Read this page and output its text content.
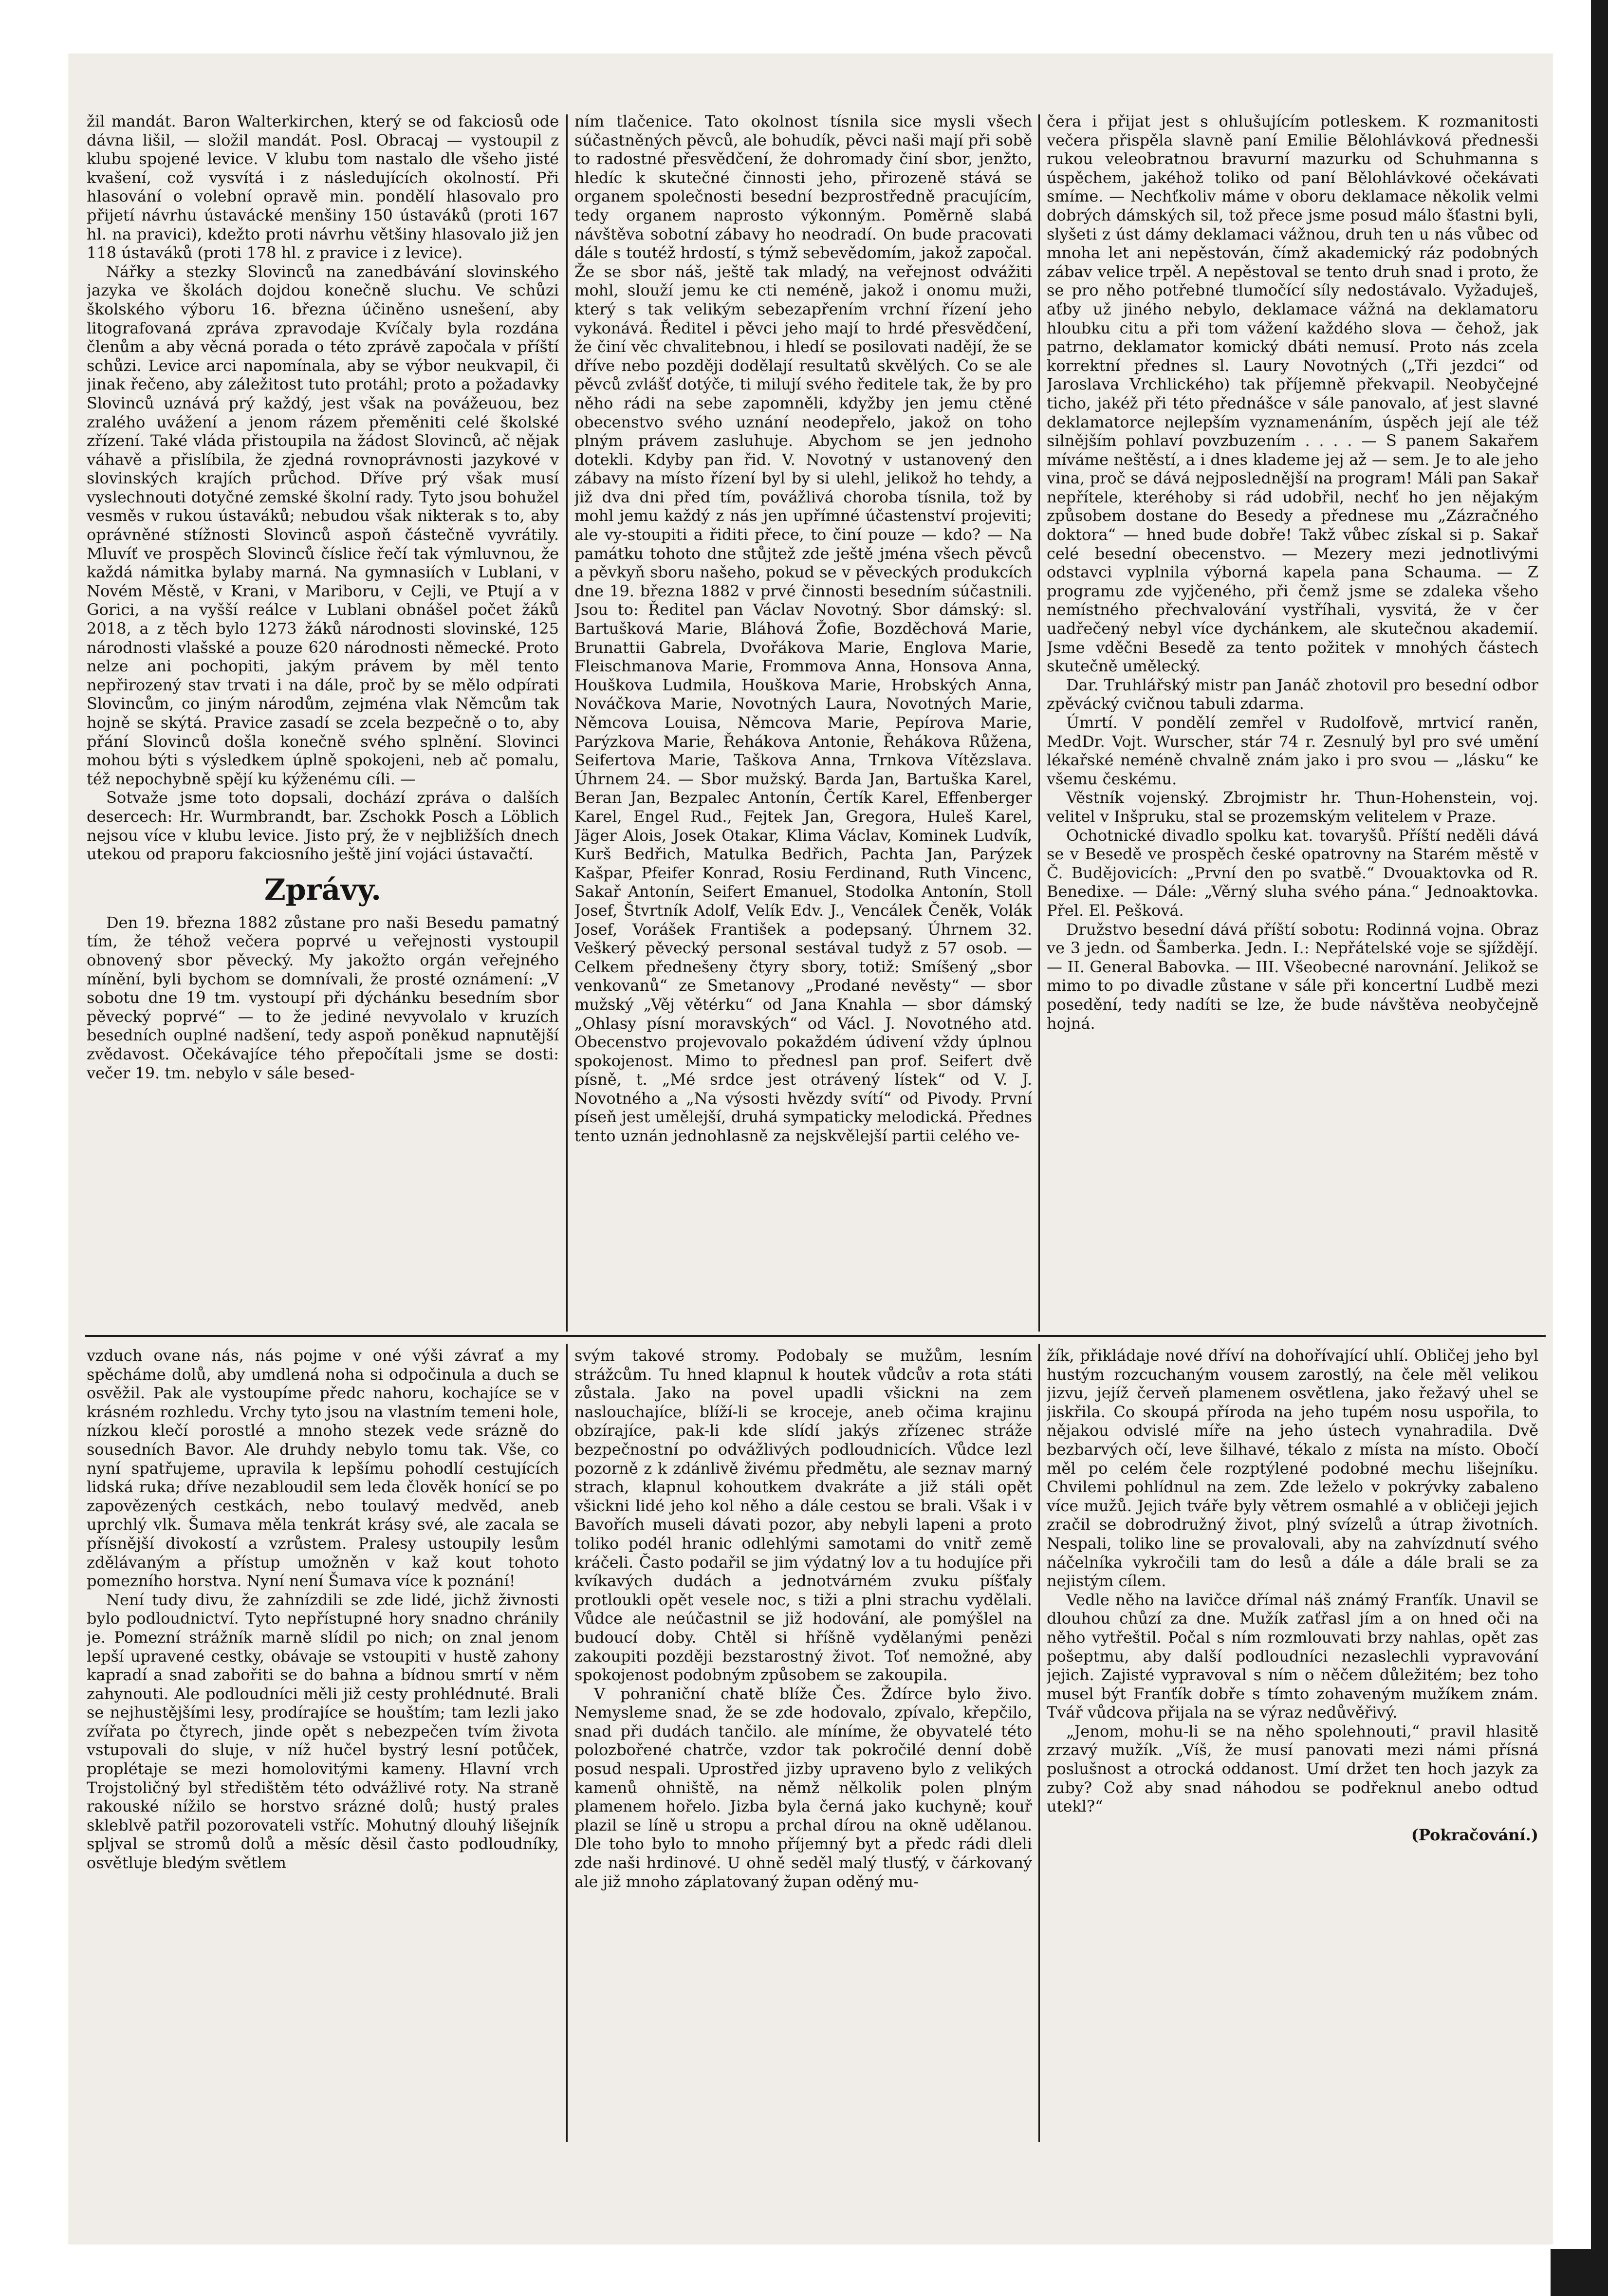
žil mandát. Baron Walterkirchen, který se od fakciosů ode dávna lišil, — složil mandát. Posl. Obracaj — vystoupil z klubu spojené levice. V klubu tom nastalo dle všeho jisté kvašení, což vysvítá i z následujících okolností. Při hlasování o volební opravě min. pondělí hlasovalo pro přijetí návrhu ústavácké menšiny 150 ústaváků (proti 167 hl. na pravici), kdežto proti návrhu většiny hlasovalo již jen 118 ústaváků (proti 178 hl. z pravice i z levice).

Nářky a stezky Slovinců na zanedbávání slovinského jazyka ve školách dojdou konečně sluchu. Ve schůzi školského výboru 16. března účiněno usnešení, aby litografovaná zpráva zpravodaje Kvíčaly byla rozdána členům a aby věcná porada o této zprávě započala v příští schůzi. Levice arci napomínala, aby se výbor neukvapil, či jinak řečeno, aby záležitost tuto protáhl; proto a požadavky Slovinců uznává prý každý, jest však na povážeuou, bez zralého uvážení a jenom rázem přeměniti celé školské zřízení. Také vláda přistoupila na žádost Slovinců, ač nějak váhavě a přislíbila, že zjedná rovnoprávnosti jazykové v slovinských krajích průchod. Dříve prý však musí vyslechnouti dotyčné zemské školní rady. Tyto jsou bohužel vesměs v rukou ústaváků; nebudou však nikterak s to, aby oprávněné stížnosti Slovinců aspoň částečně vyvrátily. Mluvíť ve prospěch Slovinců číslice řečí tak výmluvnou, že každá námitka bylaby marná. Na gymnasiích v Lublani, v Novém Městě, v Krani, v Mariboru, v Cejli, ve Ptují a v Gorici, a na vyšší reálce v Lublani obnášel počet žáků 2018, a z těch bylo 1273 žáků národnosti slovinské, 125 národnosti vlašské a pouze 620 národnosti německé. Proto nelze ani pochopiti, jakým právem by měl tento nepřirozený stav trvati i na dále, proč by se mělo odpírati Slovincům, co jiným národům, zejména vlak Němcům tak hojně se skýtá. Pravice zasadí se zcela bezpečně o to, aby přání Slovinců došla konečně svého splnění. Slovinci mohou býti s výsledkem úplně spokojeni, neb ač pomalu, též nepochybně spějí ku kýženému cíli. —

Sotvaže jsme toto dopsali, dochází zpráva o dalších desercech: Hr. Wurmbrandt, bar. Zschokk Posch a Löblich nejsou více v klubu levice. Jisto prý, že v nejbližších dnech utekou od praporu fakciosního ještě jiní vojáci ústavačtí.

Zprávy.

Den 19. března 1882 zůstane pro naši Besedu pamatný tím, že téhož večera poprvé u veřejnosti vystoupil obnovený sbor pěvecký. My jakožto orgán veřejného mínění, byli bychom se domnívali, že prosté oznámení: „V sobotu dne 19 tm. vystoupí při dýchánku besedním sbor pěvecký poprvé“ — to že jediné nevyvolalo v kruzích besedních ouplné nadšení, tedy aspoň poněkud napnutější zvědavost. Očekávajíce tého přepočítali jsme se dosti: večer 19. tm. nebylo v sále besed-

ním tlačenice. Tato okolnost tísnila sice mysli všech súčastněných pěvců, ale bohudík, pěvci naši mají při sobě to radostné přesvědčení, že dohromady činí sbor, jenžto, hledíc k skutečné činnosti jeho, přirozeně stává se organem společnosti besední bezprostředně pracujícím, tedy organem naprosto výkonným. Poměrně slabá návštěva sobotní zábavy ho neodradí. On bude pracovati dále s toutéž hrdostí, s týmž sebevědomím, jakož započal. Že se sbor náš, ještě tak mladý, na veřejnost odvážiti mohl, slouží jemu ke cti neméně, jakož i onomu muži, který s tak velikým sebezapřením vrchní řízení jeho vykonává. Ředitel i pěvci jeho mají to hrdé přesvědčení, že činí věc chvalitebnou, i hledí se posilovati nadějí, že se dříve nebo později dodělají resultatů skvělých. Co se ale pěvců zvlášť dotýče, ti milují svého ředitele tak, že by pro něho rádi na sebe zapomněli, kdyžby jen jemu ctěné obecenstvo svého uznání neodepřelo, jakož on toho plným právem zasluhuje. Abychom se jen jednoho dotekli. Kdyby pan řid. V. Novotný v ustanovený den zábavy na místo řízení byl by si ulehl, jelikož ho tehdy, a již dva dni před tím, povážlivá choroba tísnila, tož by mohl jemu každý z nás jen upřímné účastenství projeviti; ale vy-stoupiti a řiditi přece, to činí pouze — kdo? — Na památku tohoto dne stůjtež zde ještě jména všech pěvců a pěvkyň sboru našeho, pokud se v pěveckých produkcích dne 19. března 1882 v prvé činnosti besedním súčastnili. Jsou to: Ředitel pan Václav Novotný. Sbor dámský: sl. Bartušková Marie, Bláhová Žofie, Bozděchová Marie, Brunattii Gabrela, Dvořákova Marie, Englova Marie, Fleischmanova Marie, Frommova Anna, Honsova Anna, Houškova Ludmila, Houškova Marie, Hrobských Anna, Nováčkova Marie, Novotných Laura, Novotných Marie, Němcova Louisa, Němcova Marie, Pepírova Marie, Parýzkova Marie, Řehákova Antonie, Řehákova Růžena, Seifertova Marie, Taškova Anna, Trnkova Vítězslava. Úhrnem 24. — Sbor mužský. Barda Jan, Bartuška Karel, Beran Jan, Bezpalec Antonín, Čertík Karel, Effenberger Karel, Engel Rud., Fejtek Jan, Gregora, Huleš Karel, Jäger Alois, Josek Otakar, Klima Václav, Kominek Ludvík, Kurš Bedřich, Matulka Bedřich, Pachta Jan, Parýzek Kašpar, Pfeifer Konrad, Rosiu Ferdinand, Ruth Vincenc, Sakař Antonín, Seifert Emanuel, Stodolka Antonín, Stoll Josef, Štvrtník Adolf, Velík Edv. J., Vencálek Čeněk, Volák Josef, Vorášek František a podepsaný. Úhrnem 32. Veškerý pěvecký personal sestával tudyž z 57 osob. — Celkem přednešeny čtyry sbory, totiž: Smíšený „sbor venkovanů“ ze Smetanovy „Prodané nevěsty“ — sbor mužský „Věj větérku“ od Jana Knahla — sbor dámský „Ohlasy písní moravských“ od Václ. J. Novotného atd. Obecenstvo projevovalo pokaždém údivení vždy úplnou spokojenost. Mimo to přednesl pan prof. Seifert dvě písně, t. „Mé srdce jest otrávený lístek“ od V. J. Novotného a „Na výsosti hvězdy svítí“ od Pivody. První píseň jest umělejší, druhá sympaticky melodická. Přednes tento uznán jednohlasně za nejskvělejší partii celého ve-

čera i přijat jest s ohlušujícím potleskem. K rozmanitosti večera přispěla slavně paní Emilie Bělohlávková přednesši rukou veleobratnou bravurní mazurku od Schuhmanna s úspěchem, jakéhož toliko od paní Bělohlávkové očekávati smíme. — Nechťkoliv máme v oboru deklamace několik velmi dobrých dámských sil, tož přece jsme posud málo šťastni byli, slyšeti z úst dámy deklamaci vážnou, druh ten u nás vůbec od mnoha let ani nepěstován, čímž akademický ráz podobných zábav velice trpěl. A nepěstoval se tento druh snad i proto, že se pro něho potřebné tlumočící síly nedostávalo. Vyžaduješ, aťby už jiného nebylo, deklamace vážná na deklamatoru hloubku citu a při tom vážení každého slova — čehož, jak patrno, deklamator komický dbáti nemusí. Proto nás zcela korrektní přednes sl. Laury Novotných („Tři jezdci“ od Jaroslava Vrchlického) tak příjemně překvapil. Neobyčejné ticho, jakéž při této přednášce v sále panovalo, ať jest slavné deklamatorce nejlepším vyznamenáním, úspěch její ale též silnějším pohlaví povzbuzením . . . . — S panem Sakařem míváme neštěstí, a i dnes klademe jej až — sem. Je to ale jeho vina, proč se dává nejposlednější na program! Máli pan Sakař nepřítele, kteréhoby si rád udobřil, nechť ho jen nějakým způsobem dostane do Besedy a přednese mu „Zázračného doktora“ — hned bude dobře! Takž vůbec získal si p. Sakař celé besední obecenstvo. — Mezery mezi jednotlivými odstavci vyplnila výborná kapela pana Schauma. — Z programu zde vyjčeného, při čemž jsme se zdaleka všeho nemístného přechvalování vystříhali, vysvitá, že v čer uadřečený nebyl více dychánkem, ale skutečnou akademií. Jsme vděčni Besedě za tento požitek v mnohých částech skutečně umělecký.

Dar. Truhlářský mistr pan Janáč zhotovil pro besední odbor zpěvácký cvičnou tabuli zdarma.

Úmrtí. V pondělí zemřel v Rudolfově, mrtvicí raněn, MedDr. Vojt. Wurscher, stár 74 r. Zesnulý byl pro své umění lékařské neméně chvalně znám jako i pro svou — „lásku“ ke všemu českému.

Věstník vojenský. Zbrojmistr hr. Thun-Hohenstein, voj. velitel v Inšpruku, stal se prozemským velitelem v Praze.

Ochotnické divadlo spolku kat. tovaryšů. Příští neděli dává se v Besedě ve prospěch české opatrovny na Starém městě v Č. Budějovicích: „První den po svatbě.“ Dvouaktovka od R. Benedixe. — Dále: „Věrný sluha svého pána.“ Jednoaktovka. Přel. El. Pešková.

Družstvo besední dává příští sobotu: Rodinná vojna. Obraz ve 3 jedn. od Šamberka. Jedn. I.: Nepřátelské voje se sjíždějí. — II. General Babovka. — III. Všeobecné narovnání. Jelikož se mimo to po divadle zůstane v sále při koncertní Ludbě mezi posedění, tedy nadíti se lze, že bude návštěva neobyčejně hojná.

vzduch ovane nás, nás pojme v oné výši závrať a my spěcháme dolů, aby umdlená noha si odpočinula a duch se osvěžil. Pak ale vystoupíme předc nahoru, kochajíce se v krásném rozhledu. Vrchy tyto jsou na vlastním temeni hole, nízkou klečí porostlé a mnoho stezek vede srázně do sousedních Bavor. Ale druhdy nebylo tomu tak. Vše, co nyní spatřujeme, upravila k lepšímu pohodlí cestujících lidská ruka; dříve nezabloudil sem leda člověk honící se po zapovězených cestkách, nebo toulavý medvěd, aneb uprchlý vlk. Šumava měla tenkrát krásy své, ale zacala se přísnější divokostí a vzrůstem. Pralesy ustoupily lesům zdělávaným a přístup umožněn v kaž kout tohoto pomezního horstva. Nyní není Šumava více k poznání!

Není tudy divu, že zahnízdili se zde lidé, jichž živnosti bylo podloudnictví. Tyto nepřístupné hory snadno chránily je. Pomezní strážník marně slídil po nich; on znal jenom lepší upravené cestky, obávaje se vstoupiti v hustě zahony kapradí a snad zabořiti se do bahna a bídnou smrtí v něm zahynouti. Ale podloudníci měli již cesty prohlédnuté. Brali se nejhustějšími lesy, prodírajíce se houštím; tam lezli jako zvířata po čtyrech, jinde opět s nebezpečen tvím života vstupovali do sluje, v níž hučel bystrý lesní potůček, proplétaje se mezi homolovitými kameny. Hlavní vrch Trojstoličný byl středištěm této odvážlivé roty. Na straně rakouské nížilo se horstvo srázné dolů; hustý prales skleblvě patřil pozorovateli vstříc. Mohutný dlouhý lišejník spljval se stromů dolů a měsíc děsil často podloudníky, osvětluje bledým světlem

svým takové stromy. Podobaly se mužům, lesním strážcům. Tu hned klapnul k houtek vůdcův a rota státi zůstala. Jako na povel upadli všickni na zem naslouchajíce, blíží-li se kroceje, aneb očima krajinu obzírajíce, pak-li kde slídí jakýs zřízenec stráže bezpečnostní po odvážlivých podloudnicích. Vůdce lezl pozorně z k zdánlivě živému předmětu, ale seznav marný strach, klapnul kohoutkem dvakráte a již stáli opět všickni lidé jeho kol něho a dále cestou se brali. Však i v Bavořích museli dávati pozor, aby nebyli lapeni a proto toliko podél hranic odlehlými samotami do vnitř země kráčeli. Často podařil se jim výdatný lov a tu hodujíce při kvíkavých dudách a jednotvárném zvuku píšťaly protloukli opět vesele noc, s tiži a plni strachu vydělali. Vůdce ale neúčastnil se již hodování, ale pomýšlel na budoucí doby. Chtěl si hříšně vydělanými penězi zakoupiti později bezstarostný život. Toť nemožné, aby spokojenost podobným způsobem se zakoupila.

V pohraniční chatě blíže Čes. Ždírce bylo živo. Nemysleme snad, že se zde hodovalo, zpívalo, křepčilo, snad při dudách tančilo. ale míníme, že obyvatelé této polozbořené chatrče, vzdor tak pokročilé denní době posud nespali. Uprostřed jizby upraveno bylo z velikých kamenů ohniště, na němž nělkolik polen plným plamenem hořelo. Jizba byla černá jako kuchyně; kouř plazil se líně u stropu a prchal dírou na okně udělanou. Dle toho bylo to mnoho příjemný byt a předc rádi dleli zde naši hrdinové. U ohně seděl malý tlusťý, v čárkovaný ale již mnoho záplatovaný župan oděný mu-

žík, přikládaje nové dříví na dohořívající uhlí. Obličej jeho byl hustým rozcuchaným vousem zarostlý, na čele měl velikou jizvu, jejíž červeň plamenem osvětlena, jako řežavý uhel se jiskřila. Co skoupá příroda na jeho tupém nosu uspořila, to nějakou odvislé míře na jeho ústech vynahradila. Dvě bezbarvých očí, leve šilhavé, tékalo z místa na místo. Obočí měl po celém čele rozptýlené podobné mechu lišejníku. Chvilemi pohlídnul na zem. Zde leželo v pokrývky zabaleno více mužů. Jejich tváře byly větrem osmahlé a v obličeji jejich zračil se dobrodružný život, plný svízelů a útrap životních. Nespali, toliko line se provalovali, aby na zahvízdnutí svého náčelníka vykročili tam do lesů a dále a dále brali se za nejistým cílem.

Vedle něho na lavičce dřímal náš známý Franťík. Unavil se dlouhou chůzí za dne. Mužík zaťřasl jím a on hned oči na něho vytřeštil. Počal s ním rozmlouvati brzy nahlas, opět zas pošeptmu, aby další podloudníci nezaslechli vypravování jejich. Zajisté vypravoval s ním o něčem důležitém; bez toho musel být Franťík dobře s tímto zohaveným mužíkem znám. Tvář vůdcova přijala na se výraz nedůvěřivý.

„Jenom, mohu-li se na něho spolehnouti,“ pravil hlasitě zrzavý mužík. „Víš, že musí panovati mezi námi přísná poslušnost a otrocká oddanost. Umí držet ten hoch jazyk za zuby? Což aby snad náhodou se podřeknul anebo odtud utekl?“

(Pokračování.)
